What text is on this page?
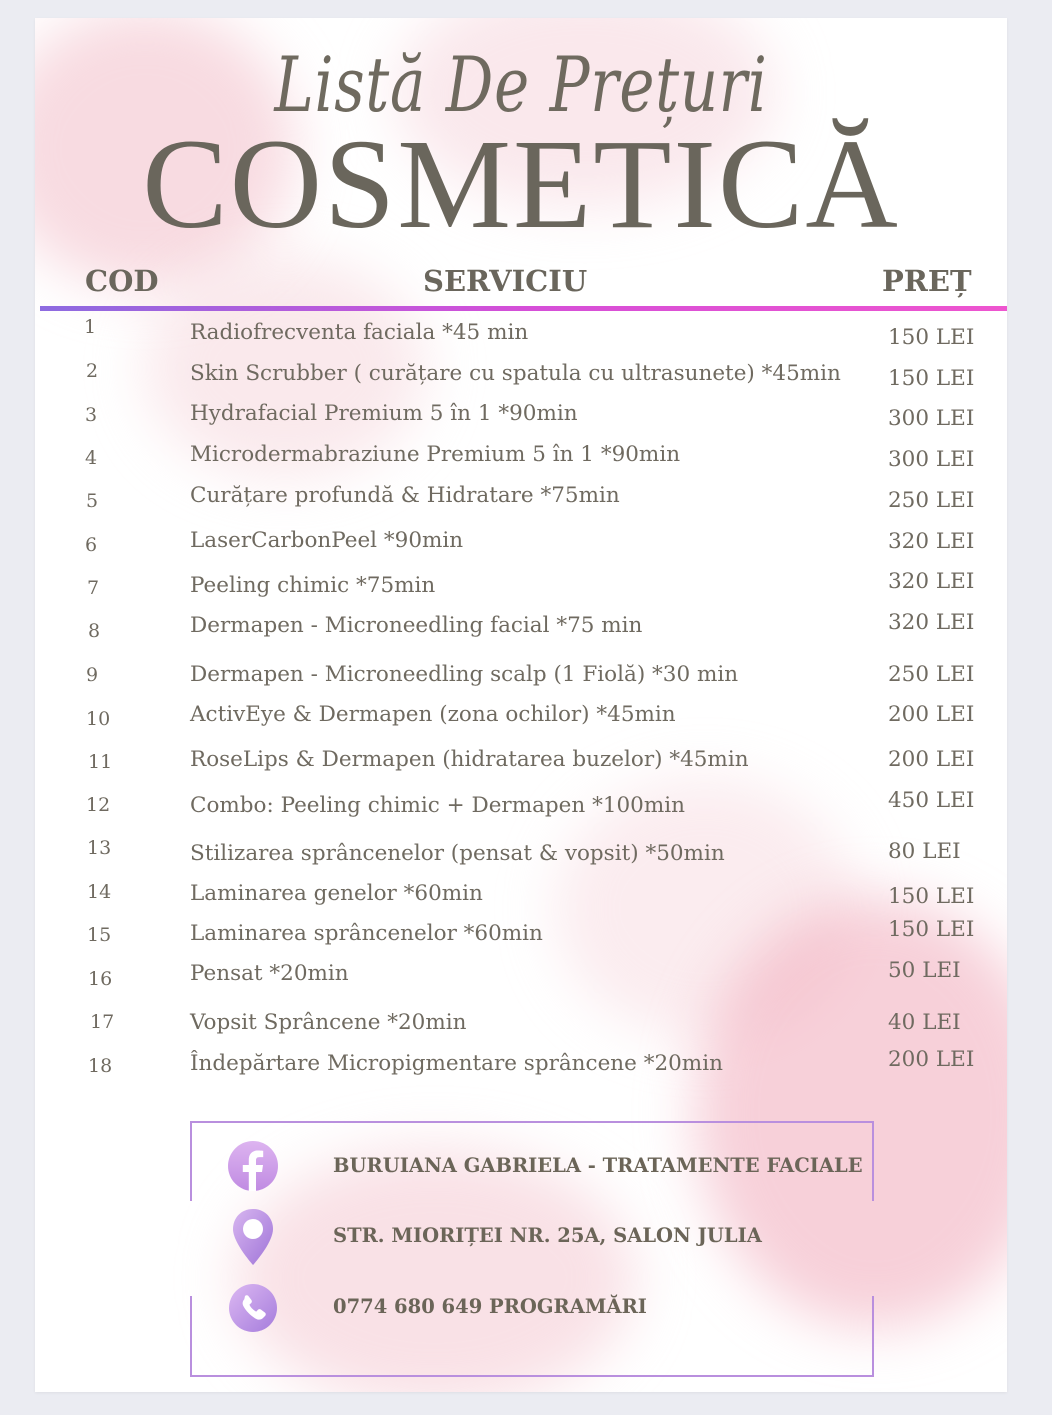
Listă De Prețuri
COSMETICĂ
COD	SERVICIU	PREȚ
1	Radiofrecventa faciala *45 min	150 LEI
2	Skin Scrubber ( curățare cu spatula cu ultrasunete) *45min 150 LEI
3	Hydrafacial Premium 5 în 1 *90min	300 LEI
4	Microdermabraziune Premium 5 în 1 *90min	300 LEI
5	Curățare profundă & Hidratare *75min	250 LEI
6	LaserCarbonPeel *90min	320 LEI
7	Peeling chimic *75min	320 LEI
8	Dermapen - Microneedling facial *75 min	320 LEI
9	Dermapen - Microneedling scalp (1 Fiolă) *30 min	250 LEI
10	ActivEye & Dermapen (zona ochilor) *45min	200 LEI
11	RoseLips & Dermapen (hidratarea buzelor) *45min	200 LEI
12	Combo: Peeling chimic + Dermapen *100min	450 LEI
13	Stilizarea sprâncenelor (pensat & vopsit) *50min	80 LEI
14	Laminarea genelor *60min	150 LEI
15	Laminarea sprâncenelor *60min	150 LEI
16	Pensat *20min	50 LEI
17	Vopsit Sprâncene *20min	40 LEI
18	Îndepărtare Micropigmentare sprâncene *20min	200 LEI
BURUIANA GABRIELA - TRATAMENTE FACIALE
STR. MIORIȚEI NR. 25A, SALON JULIA
0774 680 649 PROGRAMĂRI
